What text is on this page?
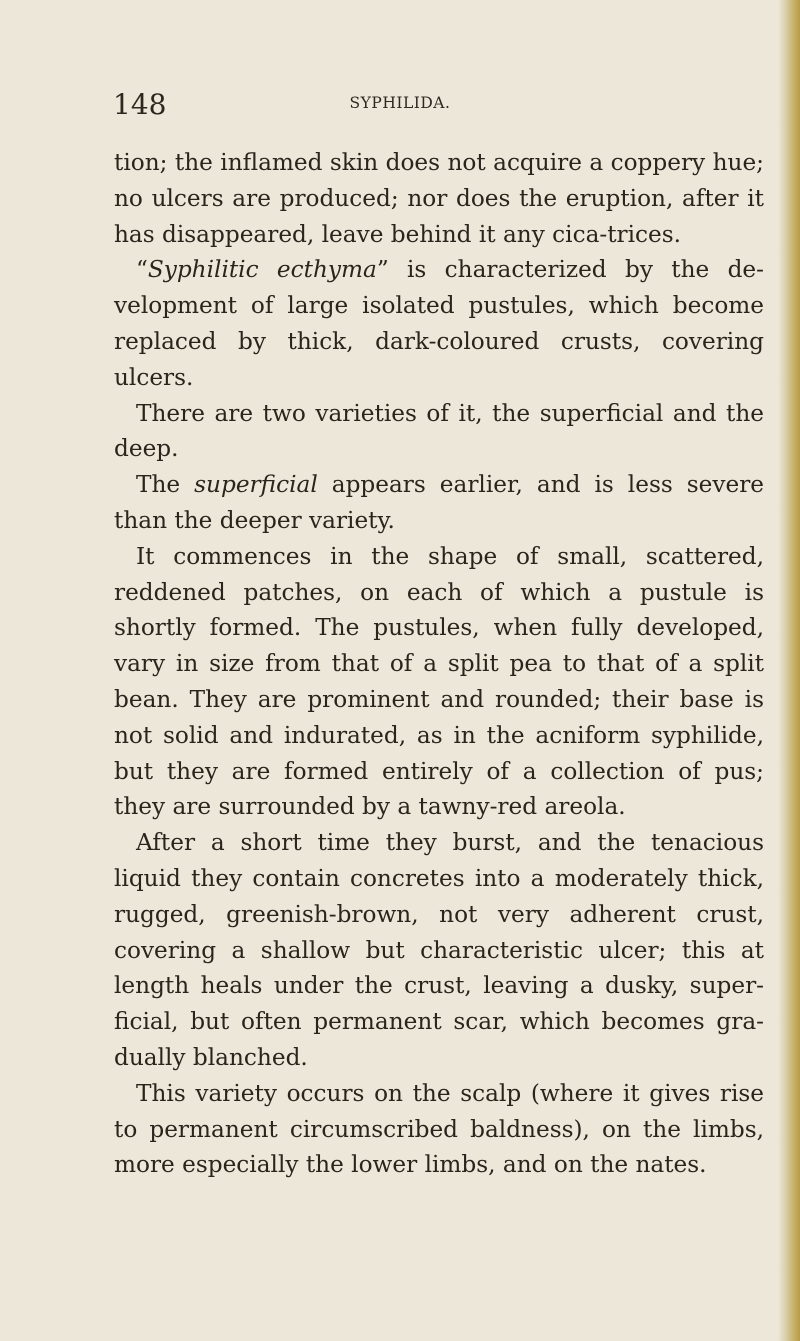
148	SYPHILIDA.

tion; the inflamed skin does not acquire a coppery hue; no ulcers are produced; nor does the eruption, after it has disappeared, leave behind it any cica-trices.

“Syphilitic ecthyma” is characterized by the de-velopment of large isolated pustules, which become replaced by thick, dark-coloured crusts, covering ulcers.

There are two varieties of it, the superficial and the deep.

The superficial appears earlier, and is less severe than the deeper variety.

It commences in the shape of small, scattered, reddened patches, on each of which a pustule is shortly formed. The pustules, when fully developed, vary in size from that of a split pea to that of a split bean. They are prominent and rounded; their base is not solid and indurated, as in the acniform syphilide, but they are formed entirely of a collection of pus; they are surrounded by a tawny-red areola.

After a short time they burst, and the tenacious liquid they contain concretes into a moderately thick, rugged, greenish-brown, not very adherent crust, covering a shallow but characteristic ulcer; this at length heals under the crust, leaving a dusky, super-ficial, but often permanent scar, which becomes gra-dually blanched.

This variety occurs on the scalp (where it gives rise to permanent circumscribed baldness), on the limbs, more especially the lower limbs, and on the nates.
